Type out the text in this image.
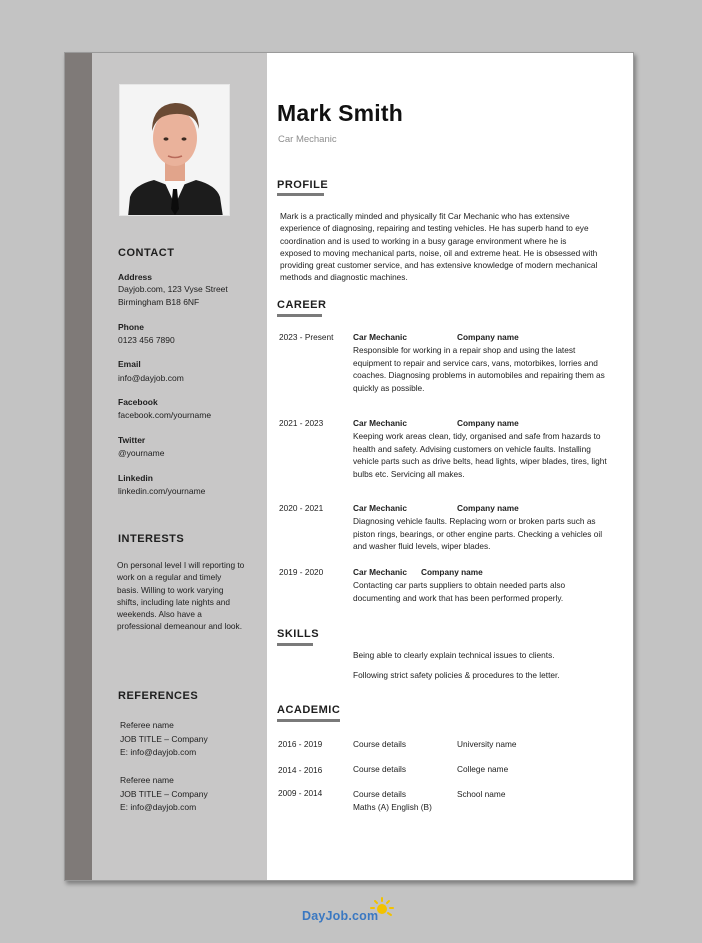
CONTACT
Address
Dayjob.com, 123 Vyse Street
Birmingham B18 6NF
Phone
0123 456 7890
Email
info@dayjob.com
Facebook
facebook.com/yourname
Twitter
@yourname
Linkedin
linkedin.com/yourname
INTERESTS
On personal level I will reporting to work on a regular and timely basis. Willing to work varying shifts, including late nights and weekends. Also have a professional demeanour and look.
REFERENCES
Referee name
JOB TITLE – Company
E: info@dayjob.com
Referee name
JOB TITLE – Company
E: info@dayjob.com
Mark Smith
Car Mechanic
PROFILE
Mark is a practically minded and physically fit Car Mechanic who has extensive experience of diagnosing, repairing and testing vehicles. He has superb hand to eye coordination and is used to working in a busy garage environment where he is exposed to moving mechanical parts, noise, oil and extreme heat. He is obsessed with providing great customer service, and has extensive knowledge of modern mechanical methods and diagnostic machines.
CAREER
2023 - Present Car Mechanic	Company name
Responsible for working in a repair shop and using the latest equipment to repair and service cars, vans, motorbikes, lorries and coaches. Diagnosing problems in automobiles and repairing them as quickly as possible.
2021 - 2023	Car Mechanic	Company name
Keeping work areas clean, tidy, organised and safe from hazards to health and safety. Advising customers on vehicle faults. Installing vehicle parts such as drive belts, head lights, wiper blades, tires, light bulbs etc. Servicing all makes.
2020 - 2021	Car Mechanic	Company name
Diagnosing vehicle faults. Replacing worn or broken parts such as piston rings, bearings, or other engine parts. Checking a vehicles oil and washer fluid levels, wiper blades.
2019 - 2020	Car Mechanic Company name
Contacting car parts suppliers to obtain needed parts also documenting and work that has been performed properly.
SKILLS
Being able to clearly explain technical issues to clients.
Following strict safety policies & procedures to the letter.
ACADEMIC
2016 - 2019	Course details	University name
2014 - 2016	Course details	College name
2009 - 2014	Course details	School name
Maths (A) English (B)
DayJob.com
